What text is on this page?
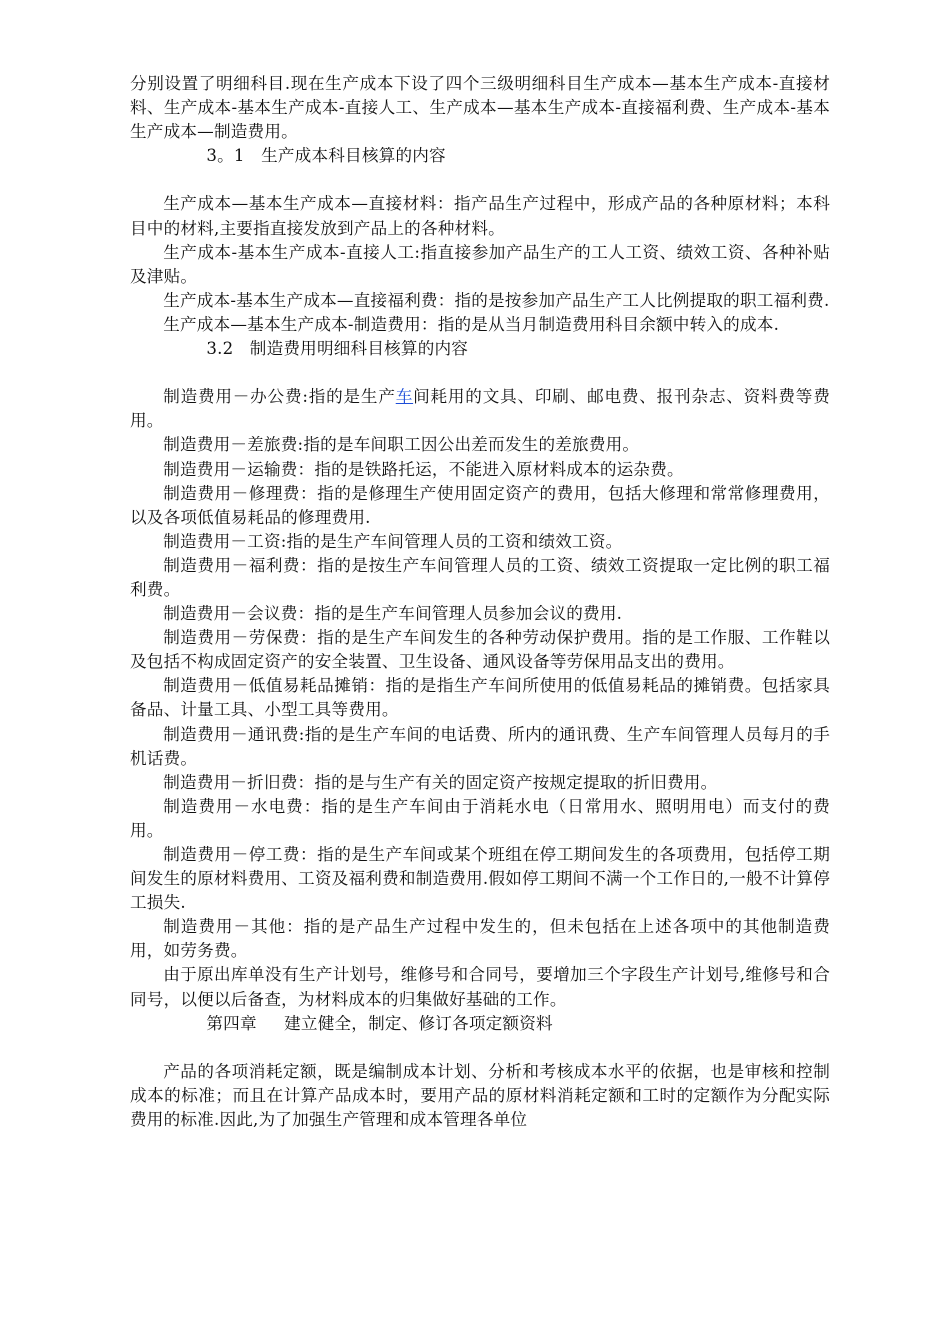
分别设置了明细科目.现在生产成本下设了四个三级明细科目生产成本—基本生产成本-直接材料、生产成本-基本生产成本-直接人工、生产成本—基本生产成本-直接福利费、生产成本-基本生产成本—制造费用。

3。1   生产成本科目核算的内容

生产成本—基本生产成本—直接材料：指产品生产过程中，形成产品的各种原材料；本科目中的材料,主要指直接发放到产品上的各种材料。

生产成本-基本生产成本-直接人工:指直接参加产品生产的工人工资、绩效工资、各种补贴及津贴。

生产成本-基本生产成本—直接福利费：指的是按参加产品生产工人比例提取的职工福利费.

生产成本—基本生产成本-制造费用：指的是从当月制造费用科目余额中转入的成本.

3.2   制造费用明细科目核算的内容

制造费用－办公费:指的是生产车间耗用的文具、印刷、邮电费、报刊杂志、资料费等费用。

制造费用－差旅费:指的是车间职工因公出差而发生的差旅费用。

制造费用－运输费：指的是铁路托运，不能进入原材料成本的运杂费。

制造费用－修理费：指的是修理生产使用固定资产的费用，包括大修理和常常修理费用，以及各项低值易耗品的修理费用.

制造费用－工资:指的是生产车间管理人员的工资和绩效工资。

制造费用－福利费：指的是按生产车间管理人员的工资、绩效工资提取一定比例的职工福利费。

制造费用－会议费：指的是生产车间管理人员参加会议的费用.

制造费用－劳保费：指的是生产车间发生的各种劳动保护费用。指的是工作服、工作鞋以及包括不构成固定资产的安全装置、卫生设备、通风设备等劳保用品支出的费用。

制造费用－低值易耗品摊销：指的是指生产车间所使用的低值易耗品的摊销费。包括家具备品、计量工具、小型工具等费用。

制造费用－通讯费:指的是生产车间的电话费、所内的通讯费、生产车间管理人员每月的手机话费。

制造费用－折旧费：指的是与生产有关的固定资产按规定提取的折旧费用。

制造费用－水电费：指的是生产车间由于消耗水电（日常用水、照明用电）而支付的费用。

制造费用－停工费：指的是生产车间或某个班组在停工期间发生的各项费用，包括停工期间发生的原材料费用、工资及福利费和制造费用.假如停工期间不满一个工作日的,一般不计算停工损失.

制造费用－其他：指的是产品生产过程中发生的，但未包括在上述各项中的其他制造费用，如劳务费。

由于原出库单没有生产计划号，维修号和合同号，要增加三个字段生产计划号,维修号和合同号，以便以后备查，为材料成本的归集做好基础的工作。

第四章     建立健全，制定、修订各项定额资料

产品的各项消耗定额，既是编制成本计划、分析和考核成本水平的依据，也是审核和控制成本的标准；而且在计算产品成本时，要用产品的原材料消耗定额和工时的定额作为分配实际费用的标准.因此,为了加强生产管理和成本管理各单位
